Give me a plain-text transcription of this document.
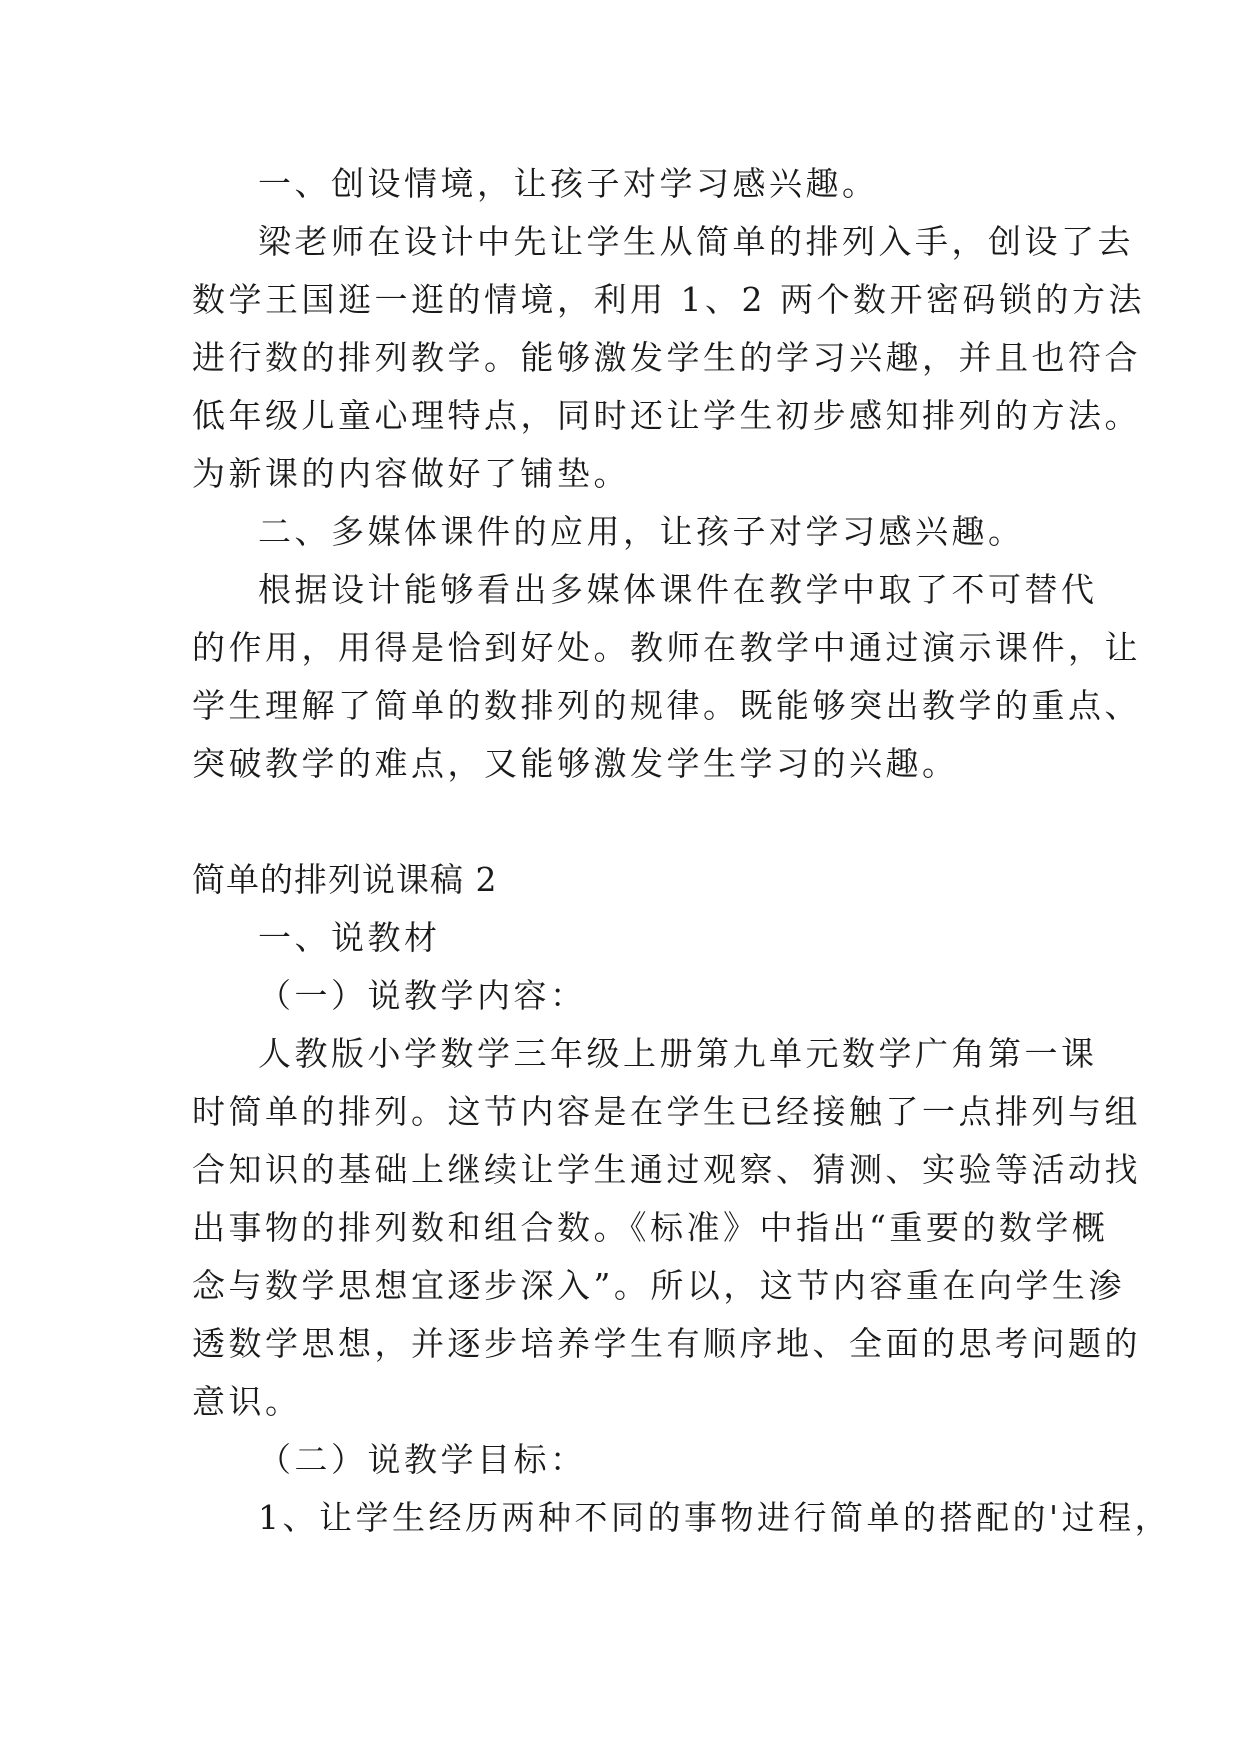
一、创设情境，让孩子对学习感兴趣。
梁老师在设计中先让学生从简单的排列入手，创设了去
数学王国逛一逛的情境，利用 1、2 两个数开密码锁的方法
进行数的排列教学。能够激发学生的学习兴趣，并且也符合
低年级儿童心理特点，同时还让学生初步感知排列的方法。
为新课的内容做好了铺垫。
二、多媒体课件的应用，让孩子对学习感兴趣。
根据设计能够看出多媒体课件在教学中取了不可替代
的作用，用得是恰到好处。教师在教学中通过演示课件，让
学生理解了简单的数排列的规律。既能够突出教学的重点、
突破教学的难点，又能够激发学生学习的兴趣。
简单的排列说课稿 2
一、说教材
（一）说教学内容：
人教版小学数学三年级上册第九单元数学广角第一课
时简单的排列。这节内容是在学生已经接触了一点排列与组
合知识的基础上继续让学生通过观察、猜测、实验等活动找
出事物的排列数和组合数。《标准》中指出“重要的数学概
念与数学思想宜逐步深入”。所以，这节内容重在向学生渗
透数学思想，并逐步培养学生有顺序地、全面的思考问题的
意识。
（二）说教学目标：
1、让学生经历两种不同的事物进行简单的搭配的'过程，
